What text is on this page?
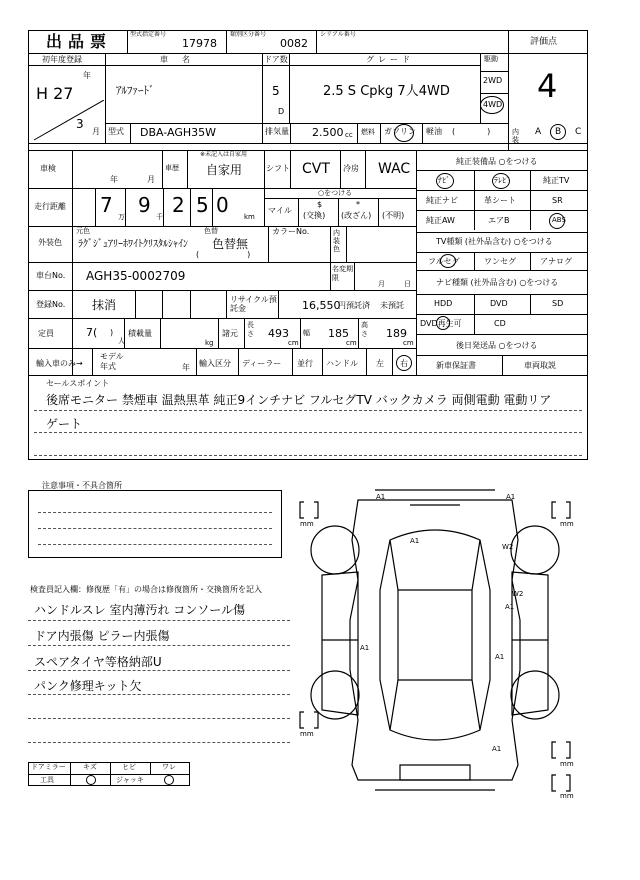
出品票	型式指定番号
17978
類別区分番号
0082
シリアル番号
評価点
4
初年度登録
年
H 27
3
月
車名
ｱﾙﾌｧｰﾄﾞ
ドア数
5
D
グレード
2.5 S Cpkg 7人4WD
駆動
2WD
4WD
型式 DBA-AGH35W	排気量 2.500 cc 燃料 ガソリン 軽油 (　　　　)	内装
A B C
車検
年	月
車歴
※未記入は自家用
自家用	シフト CVT 冷房 WAC
走行距離 7 万 9 千 2 5 0 km
○をつける
マイル
$
(交換)
*
(改ざん) (不明)
外装色
元色
ﾗｸﾞｼﾞｭｱﾘｰﾎﾜｲﾄｸﾘｽﾀﾙｼｬｲﾝ
色替
色替無
(　　　　　　)
カラーNo.	内装色
車台No. AGH35-0002709	名変期限
月	日
登録No. 抹消	リサイクル預託金	16,550
円預託済 未預託
定員	7( )
人
積載量
kg
諸元
長さ 493
cm
幅 185
cm
高さ 189
cm
輸入車のみ→
モデル年式	年 輸入区分 ディーラー 並行 ハンドル 左 右
純正装備品 ○をつける
ﾅﾋﾞ	ﾃﾚﾋﾞ	純正TV
純正ナビ	革シート	SR
純正AW	エアB	ABS
TV種類 (社外品含む) ○をつける
フルセグ	ワンセグ	アナログ
ナビ種類 (社外品含む) ○をつける
HDD	DVD	SD
DVD再生可	CD
後日発送品 ○をつける
新車保証書	車両取説
セールスポイント
後席モニター 禁煙車 温熱黒革 純正9インチナビ フルセグTV バックカメラ 両側電動 電動リア
ゲート
注意事項・不具合箇所
検査員記入欄：修復歴「有」の場合は修復箇所・交換箇所を記入
ハンドルスレ 室内薄汚れ コンソール傷
ドア内張傷 ピラー内張傷
スペアタイヤ等格納部U
パンク修理キット欠
ドアミラー キズ	ヒビ	ワレ
工具	ジャッキ
mm	mm
mm
mm
mm
A1	A1
A1
W2
W2
A1
A1
A1
A1
